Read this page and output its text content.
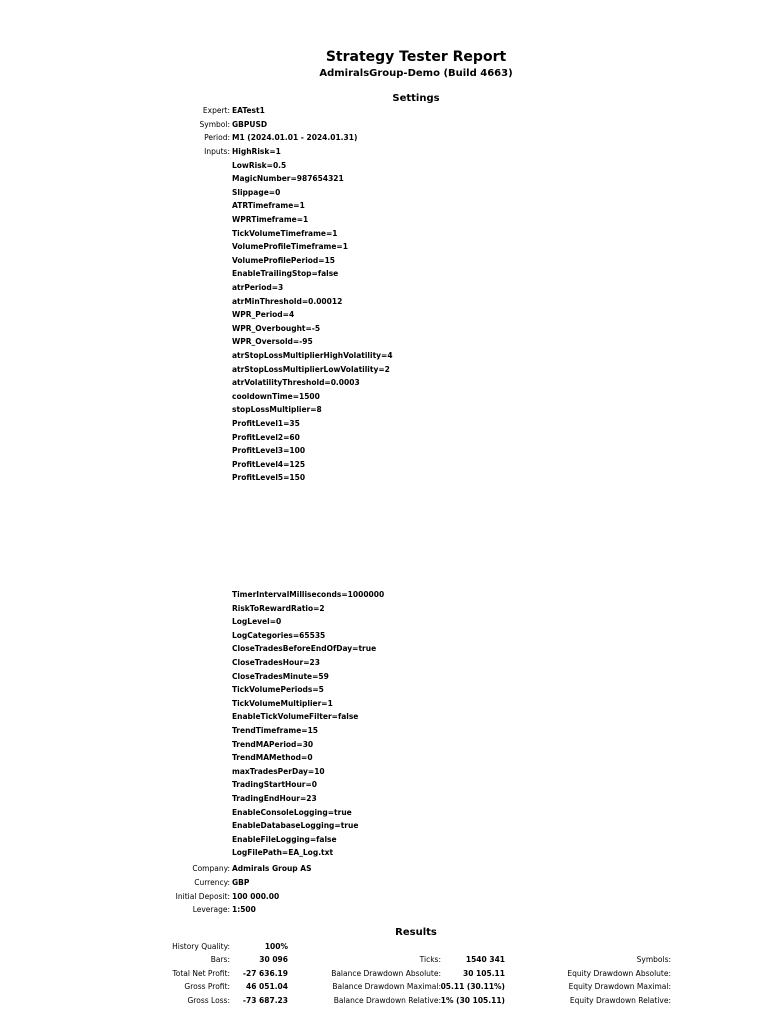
Strategy Tester Report
AdmiralsGroup-Demo (Build 4663)
Settings
Expert: EATest1
Symbol: GBPUSD
Period: M1 (2024.01.01 - 2024.01.31)
Inputs: HighRisk=1
LowRisk=0.5
MagicNumber=987654321
Slippage=0
ATRTimeframe=1
WPRTimeframe=1
TickVolumeTimeframe=1
VolumeProfileTimeframe=1
VolumeProfilePeriod=15
EnableTrailingStop=false
atrPeriod=3
atrMinThreshold=0.00012
WPR_Period=4
WPR_Overbought=-5
WPR_Oversold=-95
atrStopLossMultiplierHighVolatility=4
atrStopLossMultiplierLowVolatility=2
atrVolatilityThreshold=0.0003
cooldownTime=1500
stopLossMultiplier=8
ProfitLevel1=35
ProfitLevel2=60
ProfitLevel3=100
ProfitLevel4=125
ProfitLevel5=150
TimerIntervalMilliseconds=1000000
RiskToRewardRatio=2
LogLevel=0
LogCategories=65535
CloseTradesBeforeEndOfDay=true
CloseTradesHour=23
CloseTradesMinute=59
TickVolumePeriods=5
TickVolumeMultiplier=1
EnableTickVolumeFilter=false
TrendTimeframe=15
TrendMAPeriod=30
TrendMAMethod=0
maxTradesPerDay=10
TradingStartHour=0
TradingEndHour=23
EnableConsoleLogging=true
EnableDatabaseLogging=true
EnableFileLogging=false
LogFilePath=EA_Log.txt
Company: Admirals Group AS
Currency: GBP
Initial Deposit: 100 000.00
Leverage: 1:500
Results
History Quality:	100%
Bars:	30 096	Ticks:	1540 341	Symbols:
Total Net Profit: -27 636.19	Balance Drawdown Absolute:	30 105.11	Equity Drawdown Absolute:
Gross Profit: 46 051.04	Balance Drawdown Maximal: 05.11 (30.11%)	Equity Drawdown Maximal:
Gross Loss: -73 687.23	Balance Drawdown Relative: 1% (30 105.11)	Equity Drawdown Relative:
